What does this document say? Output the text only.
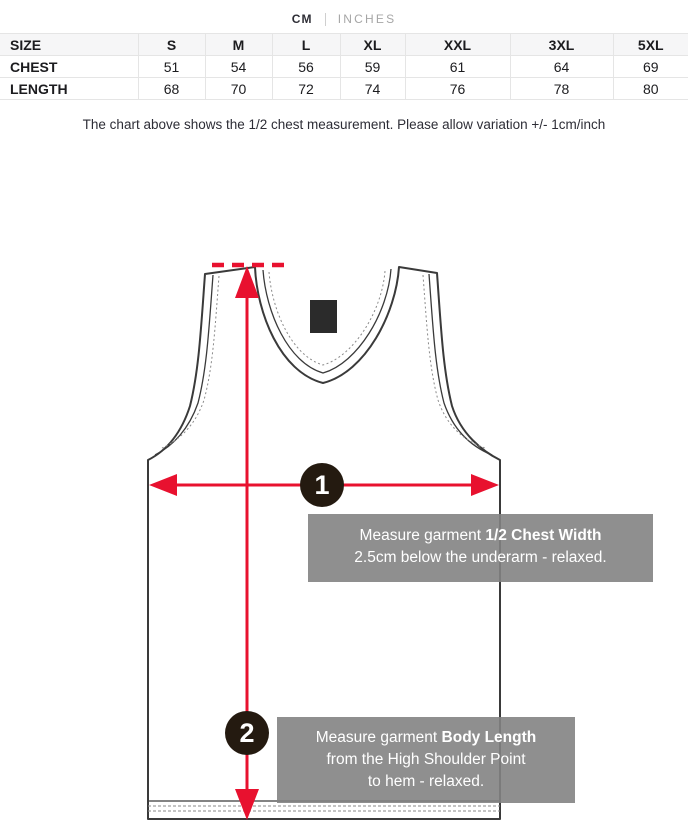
CM INCHES
SIZE	S	M	L	XL	XXL	3XL	5XL
CHEST	51	54	56	59	61	64	69
LENGTH	68	70	72	74	76	78	80

The chart above shows the 1/2 chest measurement. Please allow variation +/- 1cm/inch

1
2
Measure garment 1/2 Chest Width
2.5cm below the underarm - relaxed.
Measure garment Body Length
from the High Shoulder Point
to hem - relaxed.
